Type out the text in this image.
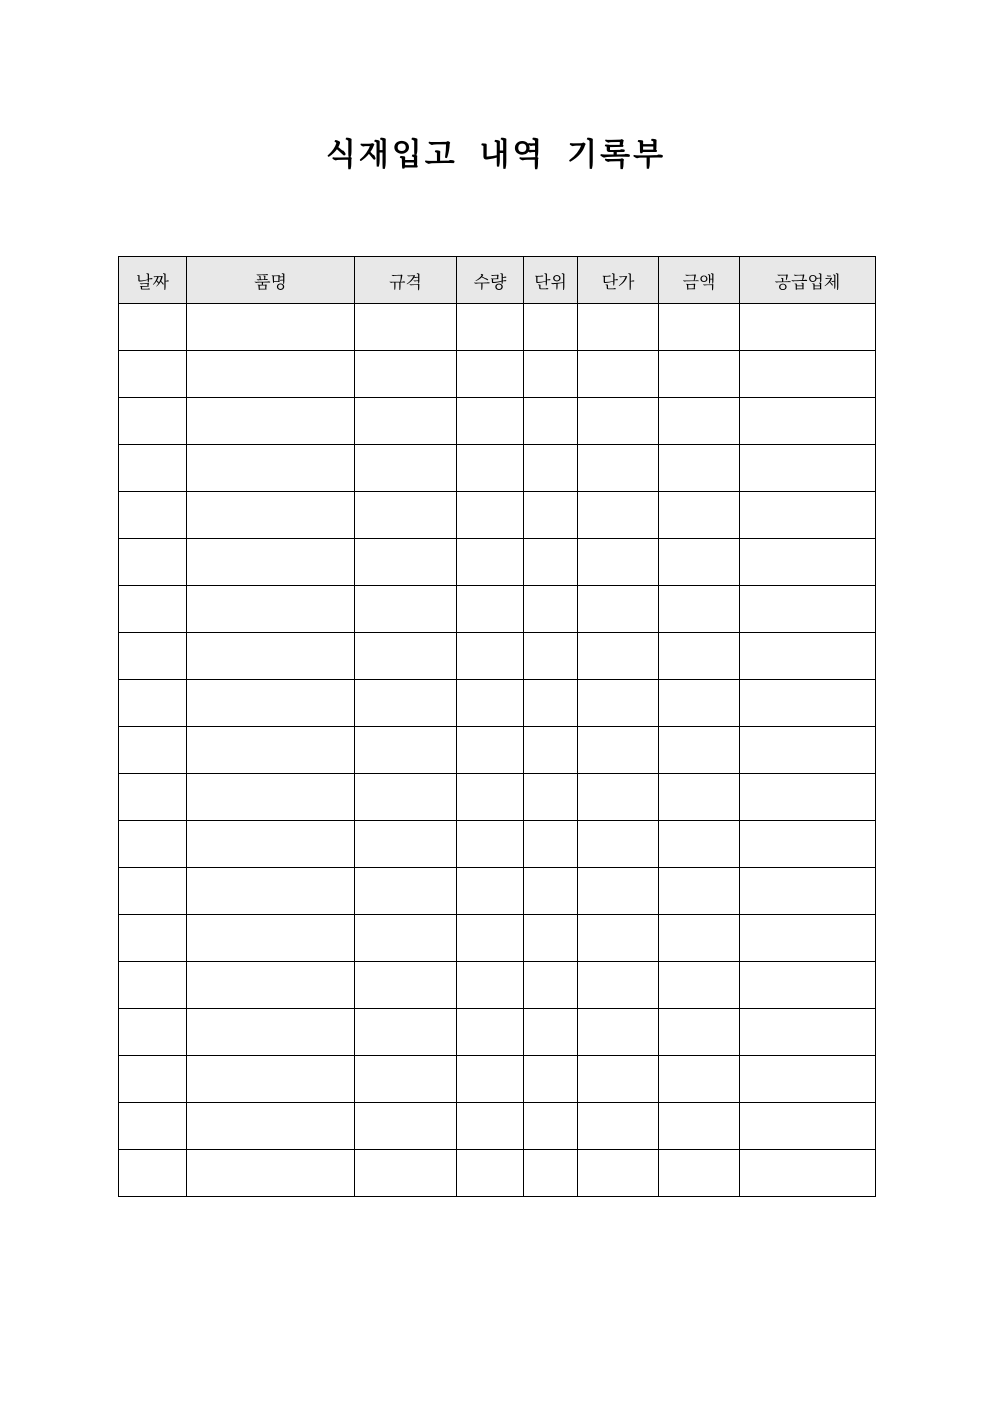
식재입고 내역 기록부
날짜	품명	규격	수량	단위	단가	금액	공급업체
